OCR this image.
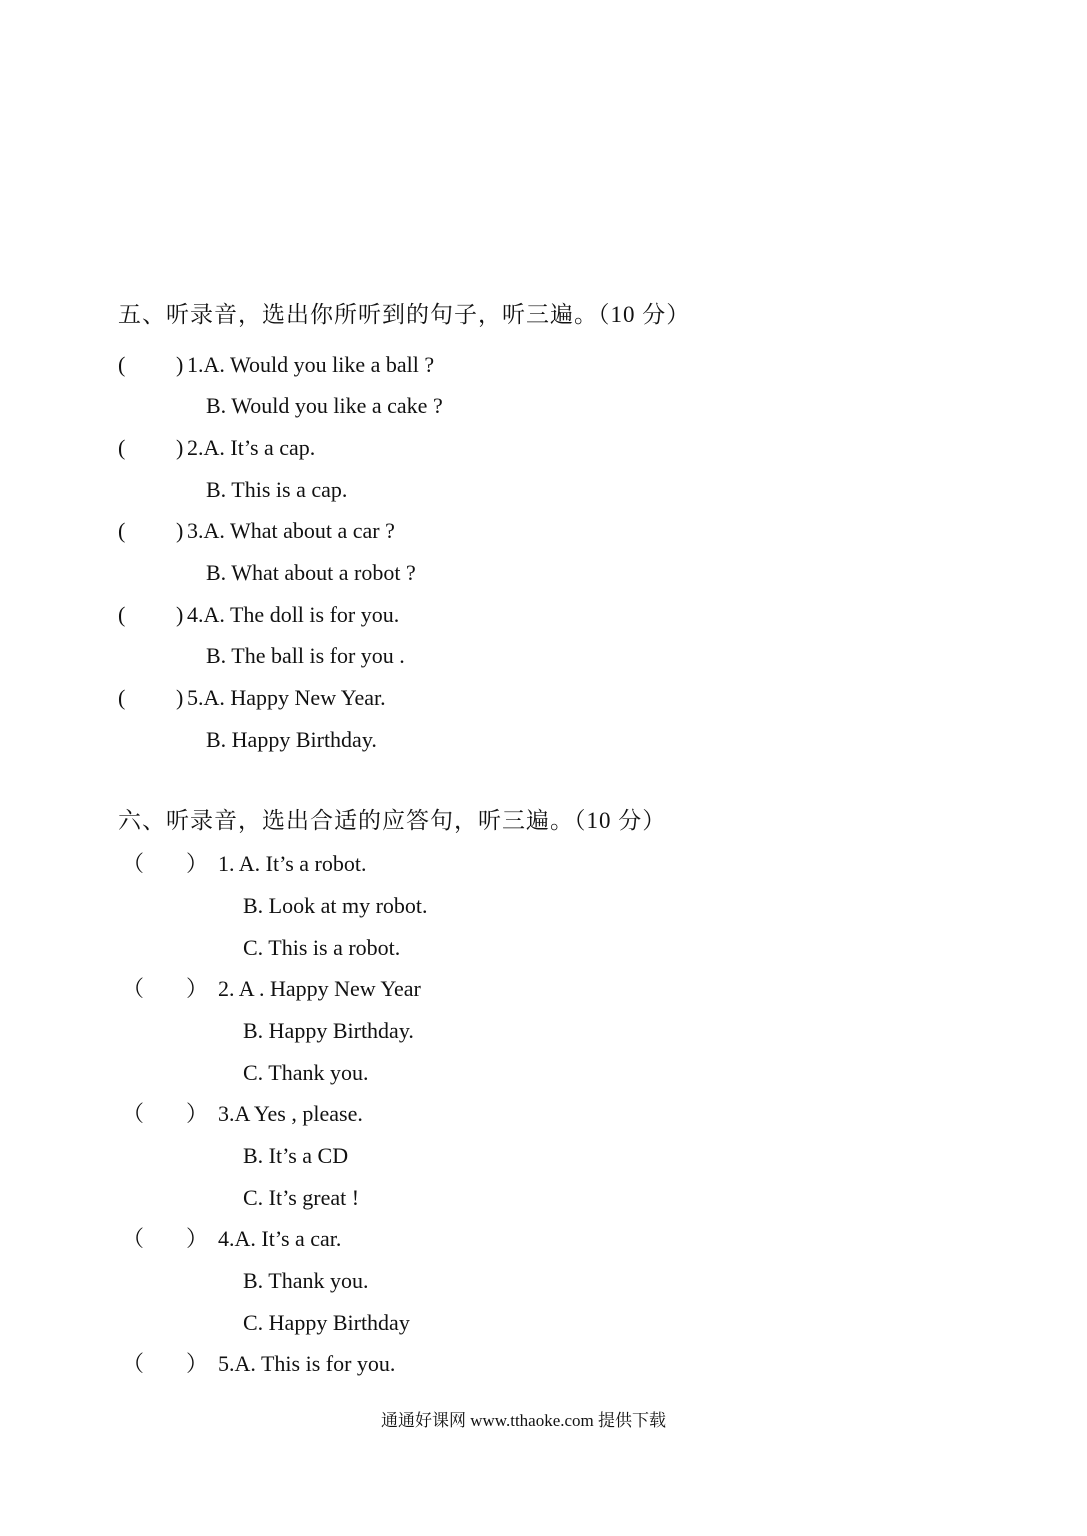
五、听录音，选出你所听到的句子，听三遍。（10 分）
( ) 1.A. Would you like a ball ?
B. Would you like a cake ?
( ) 2.A. It’s a cap.
B. This is a cap.
( ) 3.A. What about a car ?
B. What about a robot ?
( ) 4.A. The doll is for you.
B. The ball is for you .
( ) 5.A. Happy New Year.
B. Happy Birthday.
六、听录音，选出合适的应答句，听三遍。（10 分）
（ ） 1. A. It’s a robot.
B. Look at my robot.
C. This is a robot.
（ ） 2. A . Happy New Year
B. Happy Birthday.
C. Thank you.
（ ） 3.A Yes , please.
B. It’s a CD
C. It’s great !
（ ） 4.A. It’s a car.
B. Thank you.
C. Happy Birthday
（ ） 5.A. This is for you.
通通好课网 www.tthaoke.com 提供下载
